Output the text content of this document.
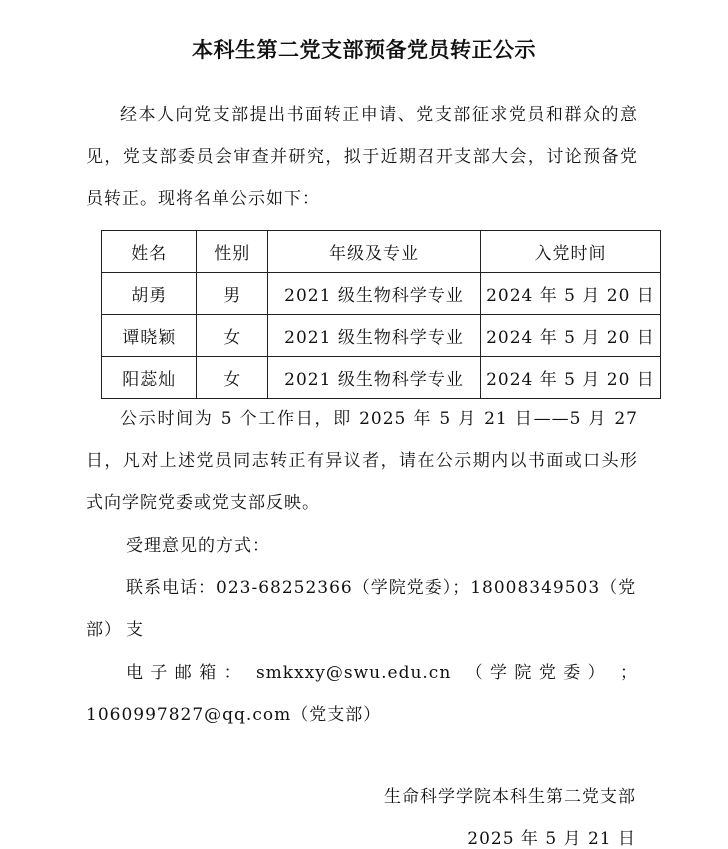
本科生第二党支部预备党员转正公示

经本人向党支部提出书面转正申请、党支部征求党员和群众的意见，党支部委员会审查并研究，拟于近期召开支部大会，讨论预备党员转正。现将名单公示如下：

姓名	性别	年级及专业	入党时间
胡勇	男	2021 级生物科学专业	2024 年 5 月 20 日
谭晓颖	女	2021 级生物科学专业	2024 年 5 月 20 日
阳蕊灿	女	2021 级生物科学专业	2024 年 5 月 20 日

公示时间为 5 个工作日，即 2025 年 5 月 21 日——5 月 27 日，凡对上述党员同志转正有异议者，请在公示期内以书面或口头形式向学院党委或党支部反映。

受理意见的方式：

联系电话：023-68252366（学院党委）；18008349503（党支

部）

电 子 邮 箱 ： smkxxy@swu.edu.cn （ 学 院 党 委 ） ；

1060997827@qq.com（党支部）

生命科学学院本科生第二党支部
2025 年 5 月 21 日
